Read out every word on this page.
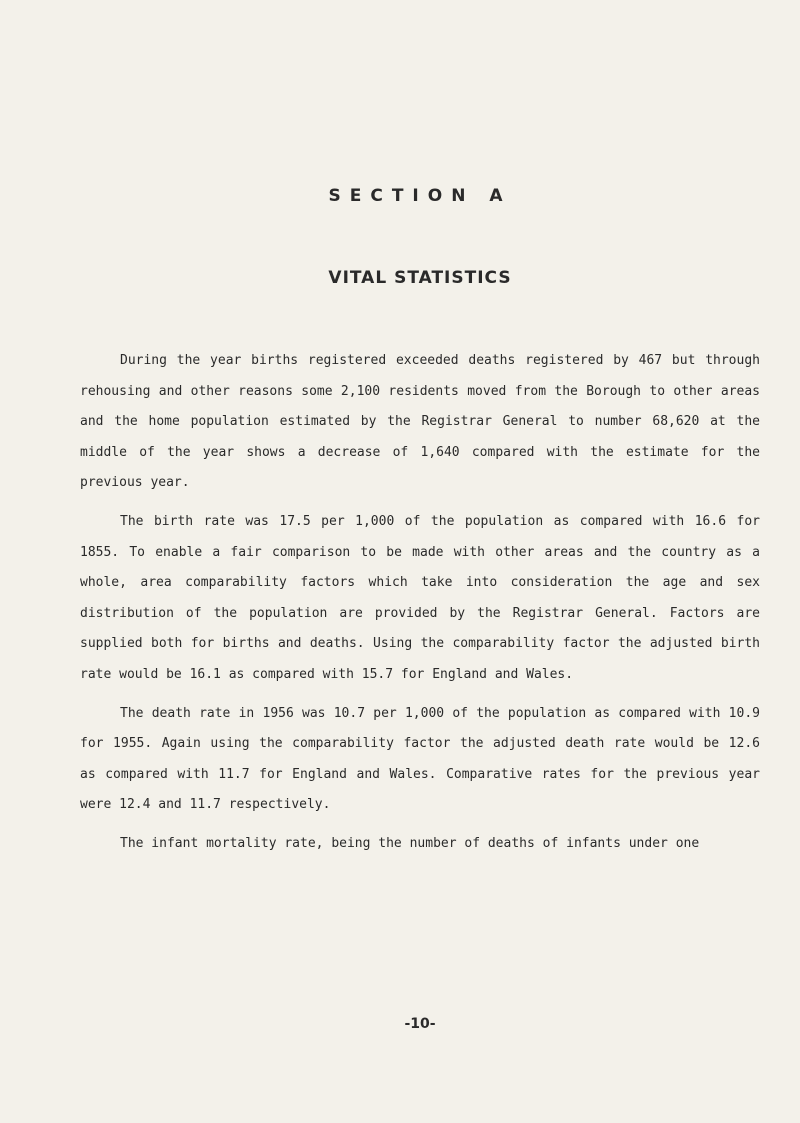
SECTION A
VITAL STATISTICS

During the year births registered exceeded deaths registered by 467 but through rehousing and other reasons some 2,100 residents moved from the Borough to other areas and the home population estimated by the Registrar General to number 68,620 at the middle of the year shows a decrease of 1,640 compared with the estimate for the previous year.

The birth rate was 17.5 per 1,000 of the population as compared with 16.6 for 1855. To enable a fair comparison to be made with other areas and the country as a whole, area comparability factors which take into consideration the age and sex distribution of the population are provided by the Registrar General. Factors are supplied both for births and deaths. Using the comparability factor the adjusted birth rate would be 16.1 as compared with 15.7 for England and Wales.

The death rate in 1956 was 10.7 per 1,000 of the population as compared with 10.9 for 1955. Again using the comparability factor the adjusted death rate would be 12.6 as compared with 11.7 for England and Wales. Comparative rates for the previous year were 12.4 and 11.7 respectively.

The infant mortality rate, being the number of deaths of infants under one

-10-
